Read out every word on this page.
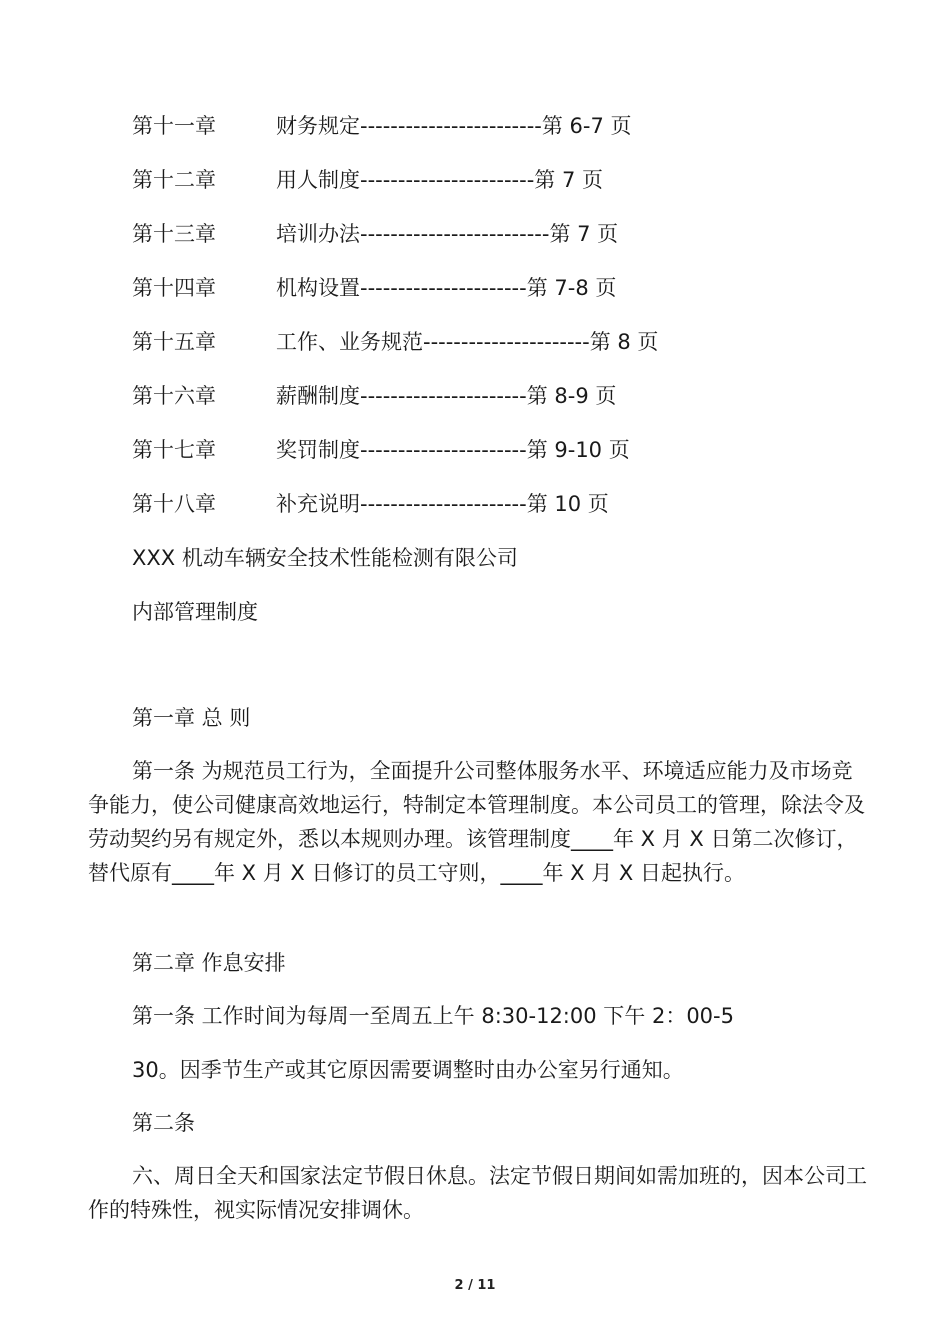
第十一章	财务规定------------------------第 6-7 页
第十二章	用人制度-----------------------第 7 页
第十三章	培训办法-------------------------第 7 页
第十四章	机构设置----------------------第 7-8 页
第十五章	工作、业务规范----------------------第 8 页
第十六章	薪酬制度----------------------第 8-9 页
第十七章	奖罚制度----------------------第 9-10 页
第十八章	补充说明----------------------第 10 页
XXX 机动车辆安全技术性能检测有限公司
内部管理制度
第一章 总 则
第一条 为规范员工行为，全面提升公司整体服务水平、环境适应能力及市场竞争能力，使公司健康高效地运行，特制定本管理制度。本公司员工的管理，除法令及劳动契约另有规定外，悉以本规则办理。该管理制度____年 X 月 X 日第二次修订，替代原有____年 X 月 X 日修订的员工守则，____年 X 月 X 日起执行。
第二章 作息安排
第一条 工作时间为每周一至周五上午 8:30-12:00 下午 2：00-5
30。因季节生产或其它原因需要调整时由办公室另行通知。
第二条
六、周日全天和国家法定节假日休息。法定节假日期间如需加班的，因本公司工作的特殊性，视实际情况安排调休。
2 / 11
